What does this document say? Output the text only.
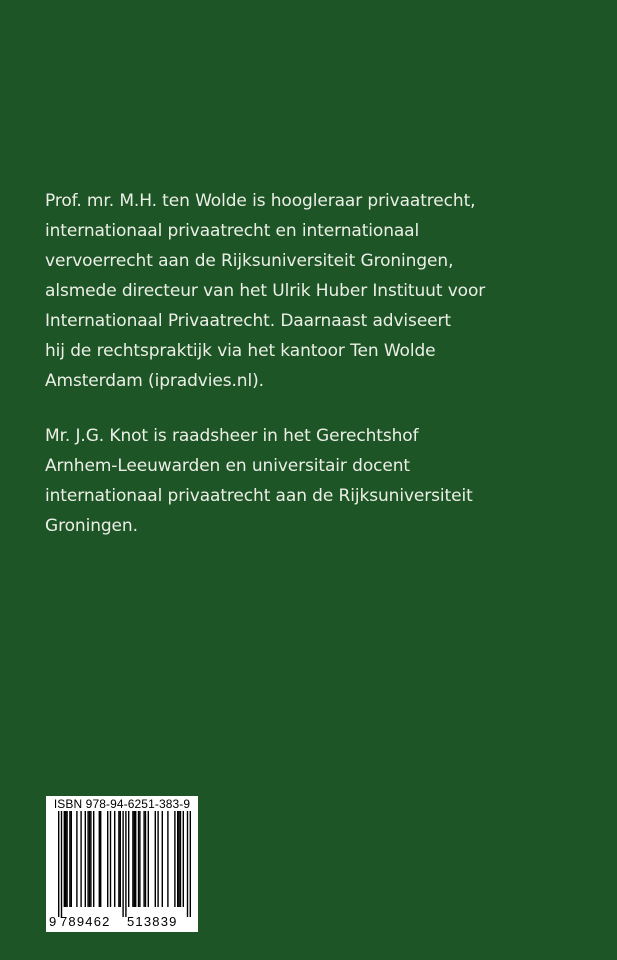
Prof. mr. M.H. ten Wolde is hoogleraar privaatrecht,
internationaal privaatrecht en internationaal
vervoerrecht aan de Rijksuniversiteit Groningen,
alsmede directeur van het Ulrik Huber Instituut voor
Internationaal Privaatrecht. Daarnaast adviseert
hij de rechtspraktijk via het kantoor Ten Wolde
Amsterdam (ipradvies.nl).
Mr. J.G. Knot is raadsheer in het Gerechtshof
Arnhem-Leeuwarden en universitair docent
internationaal privaatrecht aan de Rijksuniversiteit
Groningen.
ISBN 978-94-6251-383-9
9 789462 513839
